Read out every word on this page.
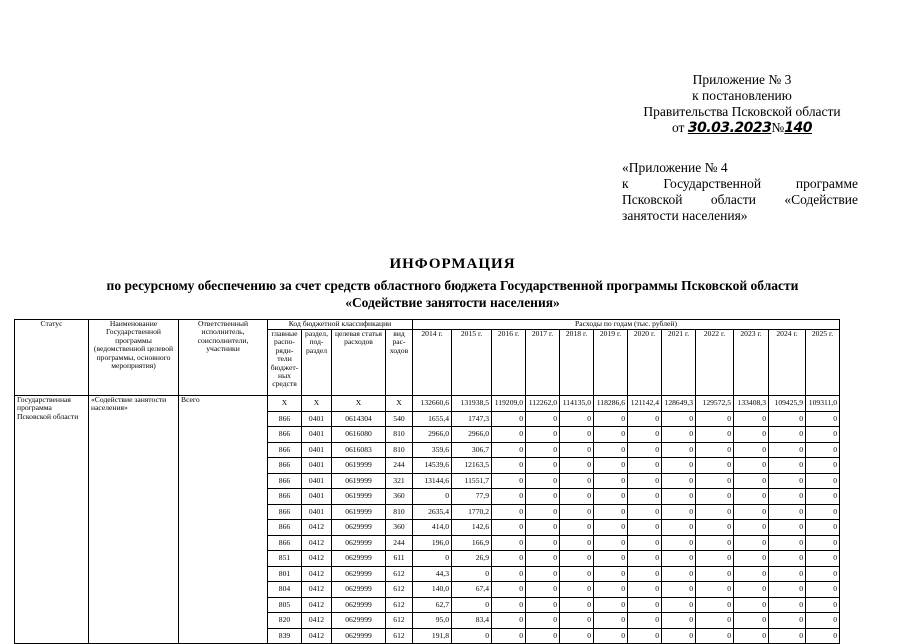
Приложение № 3
к постановлению
Правительства Псковской области
от 30.03.2023№140
«Приложение № 4
к Государственной программе
Псковской области «Содействие
занятости населения»
ИНФОРМАЦИЯ
по ресурсному обеспечению за счет средств областного бюджета Государственной программы Псковской области
«Содействие занятости населения»
Статус	Наименование Государственной программы (ведомственной целевой программы, основного мероприятия)	Ответственный исполнитель, соисполнители, участники	Код бюджетной классификации				Расходы по годам (тыс. рублей)											
			главные распо- ряди- тели бюджет- ных средств	раздел, под- раздел	целевая статья расходов	вид рас- ходов	2014 г.	2015 г.	2016 г.	2017 г.	2018 г.	2019 г.	2020 г.	2021 г.	2022 г.	2023 г.	2024 г.	2025 г.
Государственная программа Псковской области	«Содействие занятости населения»	Всего	X	X	X	X	132660,6	131938,5	119209,0	112262,0	114135,0	118286,6	121142,4	128649,3	129572,5	133408,3	109425,9	109311,0
			866	0401	0614304	540	1655,4	1747,3	0	0	0	0	0	0	0	0	0	0
			866	0401	0616080	810	2966,0	2966,0	0	0	0	0	0	0	0	0	0	0
			866	0401	0616083	810	359,6	306,7	0	0	0	0	0	0	0	0	0	0
			866	0401	0619999	244	14539,6	12163,5	0	0	0	0	0	0	0	0	0	0
			866	0401	0619999	321	13144,6	11551,7	0	0	0	0	0	0	0	0	0	0
			866	0401	0619999	360	0	77,9	0	0	0	0	0	0	0	0	0	0
			866	0401	0619999	810	2635,4	1770,2	0	0	0	0	0	0	0	0	0	0
			866	0412	0629999	360	414,0	142,6	0	0	0	0	0	0	0	0	0	0
			866	0412	0629999	244	196,0	166,9	0	0	0	0	0	0	0	0	0	0
			851	0412	0629999	611	0	26,9	0	0	0	0	0	0	0	0	0	0
			801	0412	0629999	612	44,3	0	0	0	0	0	0	0	0	0	0	0
			804	0412	0629999	612	140,0	67,4	0	0	0	0	0	0	0	0	0	0
			805	0412	0629999	612	62,7	0	0	0	0	0	0	0	0	0	0	0
			820	0412	0629999	612	95,0	83,4	0	0	0	0	0	0	0	0	0	0
			839	0412	0629999	612	191,8	0	0	0	0	0	0	0	0	0	0	0
